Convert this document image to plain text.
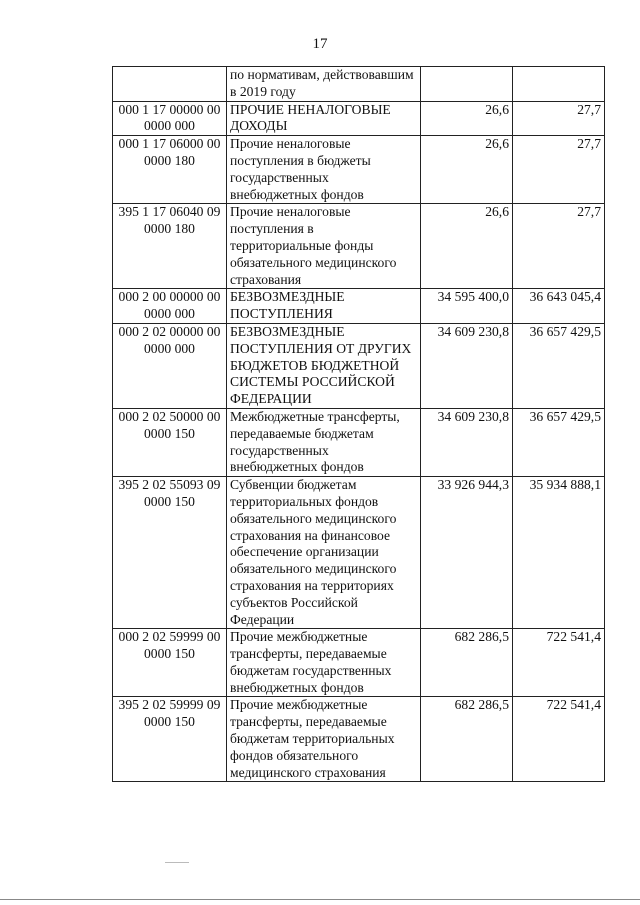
17
	по нормативам, действовавшим в 2019 году		
000 1 17 00000 00 0000 000	ПРОЧИЕ НЕНАЛОГОВЫЕ ДОХОДЫ	26,6	27,7
000 1 17 06000 00 0000 180	Прочие неналоговые поступления в бюджеты государственных внебюджетных фондов	26,6	27,7
395 1 17 06040 09 0000 180	Прочие неналоговые поступления в территориальные фонды обязательного медицинского страхования	26,6	27,7
000 2 00 00000 00 0000 000	БЕЗВОЗМЕЗДНЫЕ ПОСТУПЛЕНИЯ	34 595 400,0	36 643 045,4
000 2 02 00000 00 0000 000	БЕЗВОЗМЕЗДНЫЕ ПОСТУПЛЕНИЯ ОТ ДРУГИХ БЮДЖЕТОВ БЮДЖЕТНОЙ СИСТЕМЫ РОССИЙСКОЙ ФЕДЕРАЦИИ	34 609 230,8	36 657 429,5
000 2 02 50000 00 0000 150	Межбюджетные трансферты, передаваемые бюджетам государственных внебюджетных фондов	34 609 230,8	36 657 429,5
395 2 02 55093 09 0000 150	Субвенции бюджетам территориальных фондов обязательного медицинского страхования на финансовое обеспечение организации обязательного медицинского страхования на территориях субъектов Российской Федерации	33 926 944,3	35 934 888,1
000 2 02 59999 00 0000 150	Прочие межбюджетные трансферты, передаваемые бюджетам государственных внебюджетных фондов	682 286,5	722 541,4
395 2 02 59999 09 0000 150	Прочие межбюджетные трансферты, передаваемые бюджетам территориальных фондов обязательного медицинского страхования	682 286,5	722 541,4
